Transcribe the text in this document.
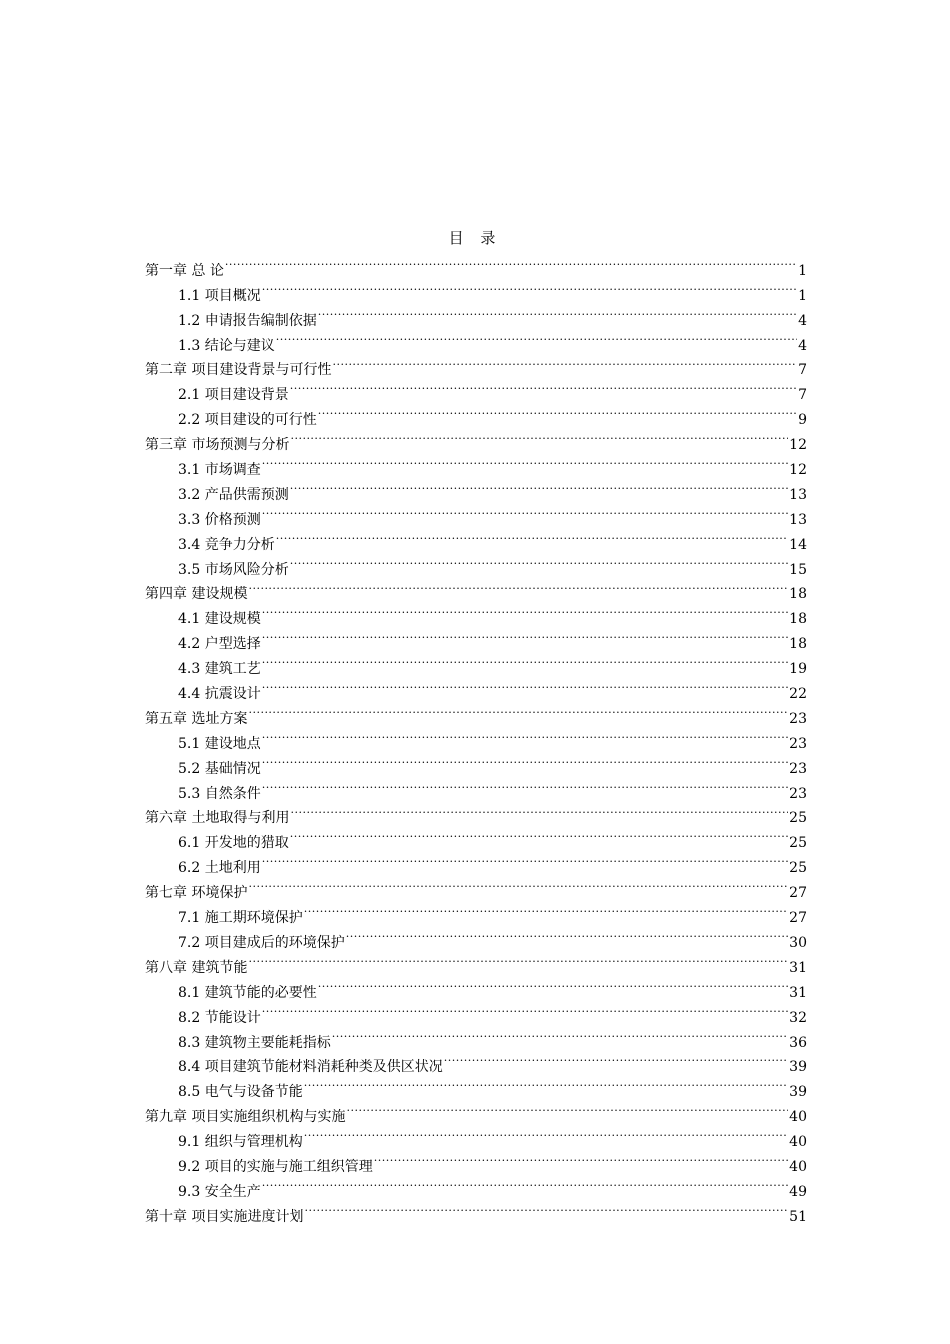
目 录
第一章 总 论 .....	1
1.1 项目概况 .....	1
1.2 申请报告编制依据 .....	4
1.3 结论与建议 .....	4
第二章 项目建设背景与可行性 .....	7
2.1 项目建设背景 .....	7
2.2 项目建设的可行性 .....	9
第三章 市场预测与分析 .....	12
3.1 市场调查 .....	12
3.2 产品供需预测 .....	13
3.3 价格预测 .....	13
3.4 竞争力分析 .....	14
3.5 市场风险分析 .....	15
第四章 建设规模 .....	18
4.1 建设规模 .....	18
4.2 户型选择 .....	18
4.3 建筑工艺 .....	19
4.4 抗震设计 .....	22
第五章 选址方案 .....	23
5.1 建设地点 .....	23
5.2 基础情况 .....	23
5.3 自然条件 .....	23
第六章 土地取得与利用 .....	25
6.1 开发地的猎取 .....	25
6.2 土地利用 .....	25
第七章 环境保护 .....	27
7.1 施工期环境保护 .....	27
7.2 项目建成后的环境保护 .....	30
第八章 建筑节能 .....	31
8.1 建筑节能的必要性 .....	31
8.2 节能设计 .....	32
8.3 建筑物主要能耗指标 .....	36
8.4 项目建筑节能材料消耗种类及供区状况 .....	39
8.5 电气与设备节能 .....	39
第九章 项目实施组织机构与实施 .....	40
9.1 组织与管理机构 .....	40
9.2 项目的实施与施工组织管理 .....	40
9.3 安全生产 .....	49
第十章 项目实施进度计划 .....	51
